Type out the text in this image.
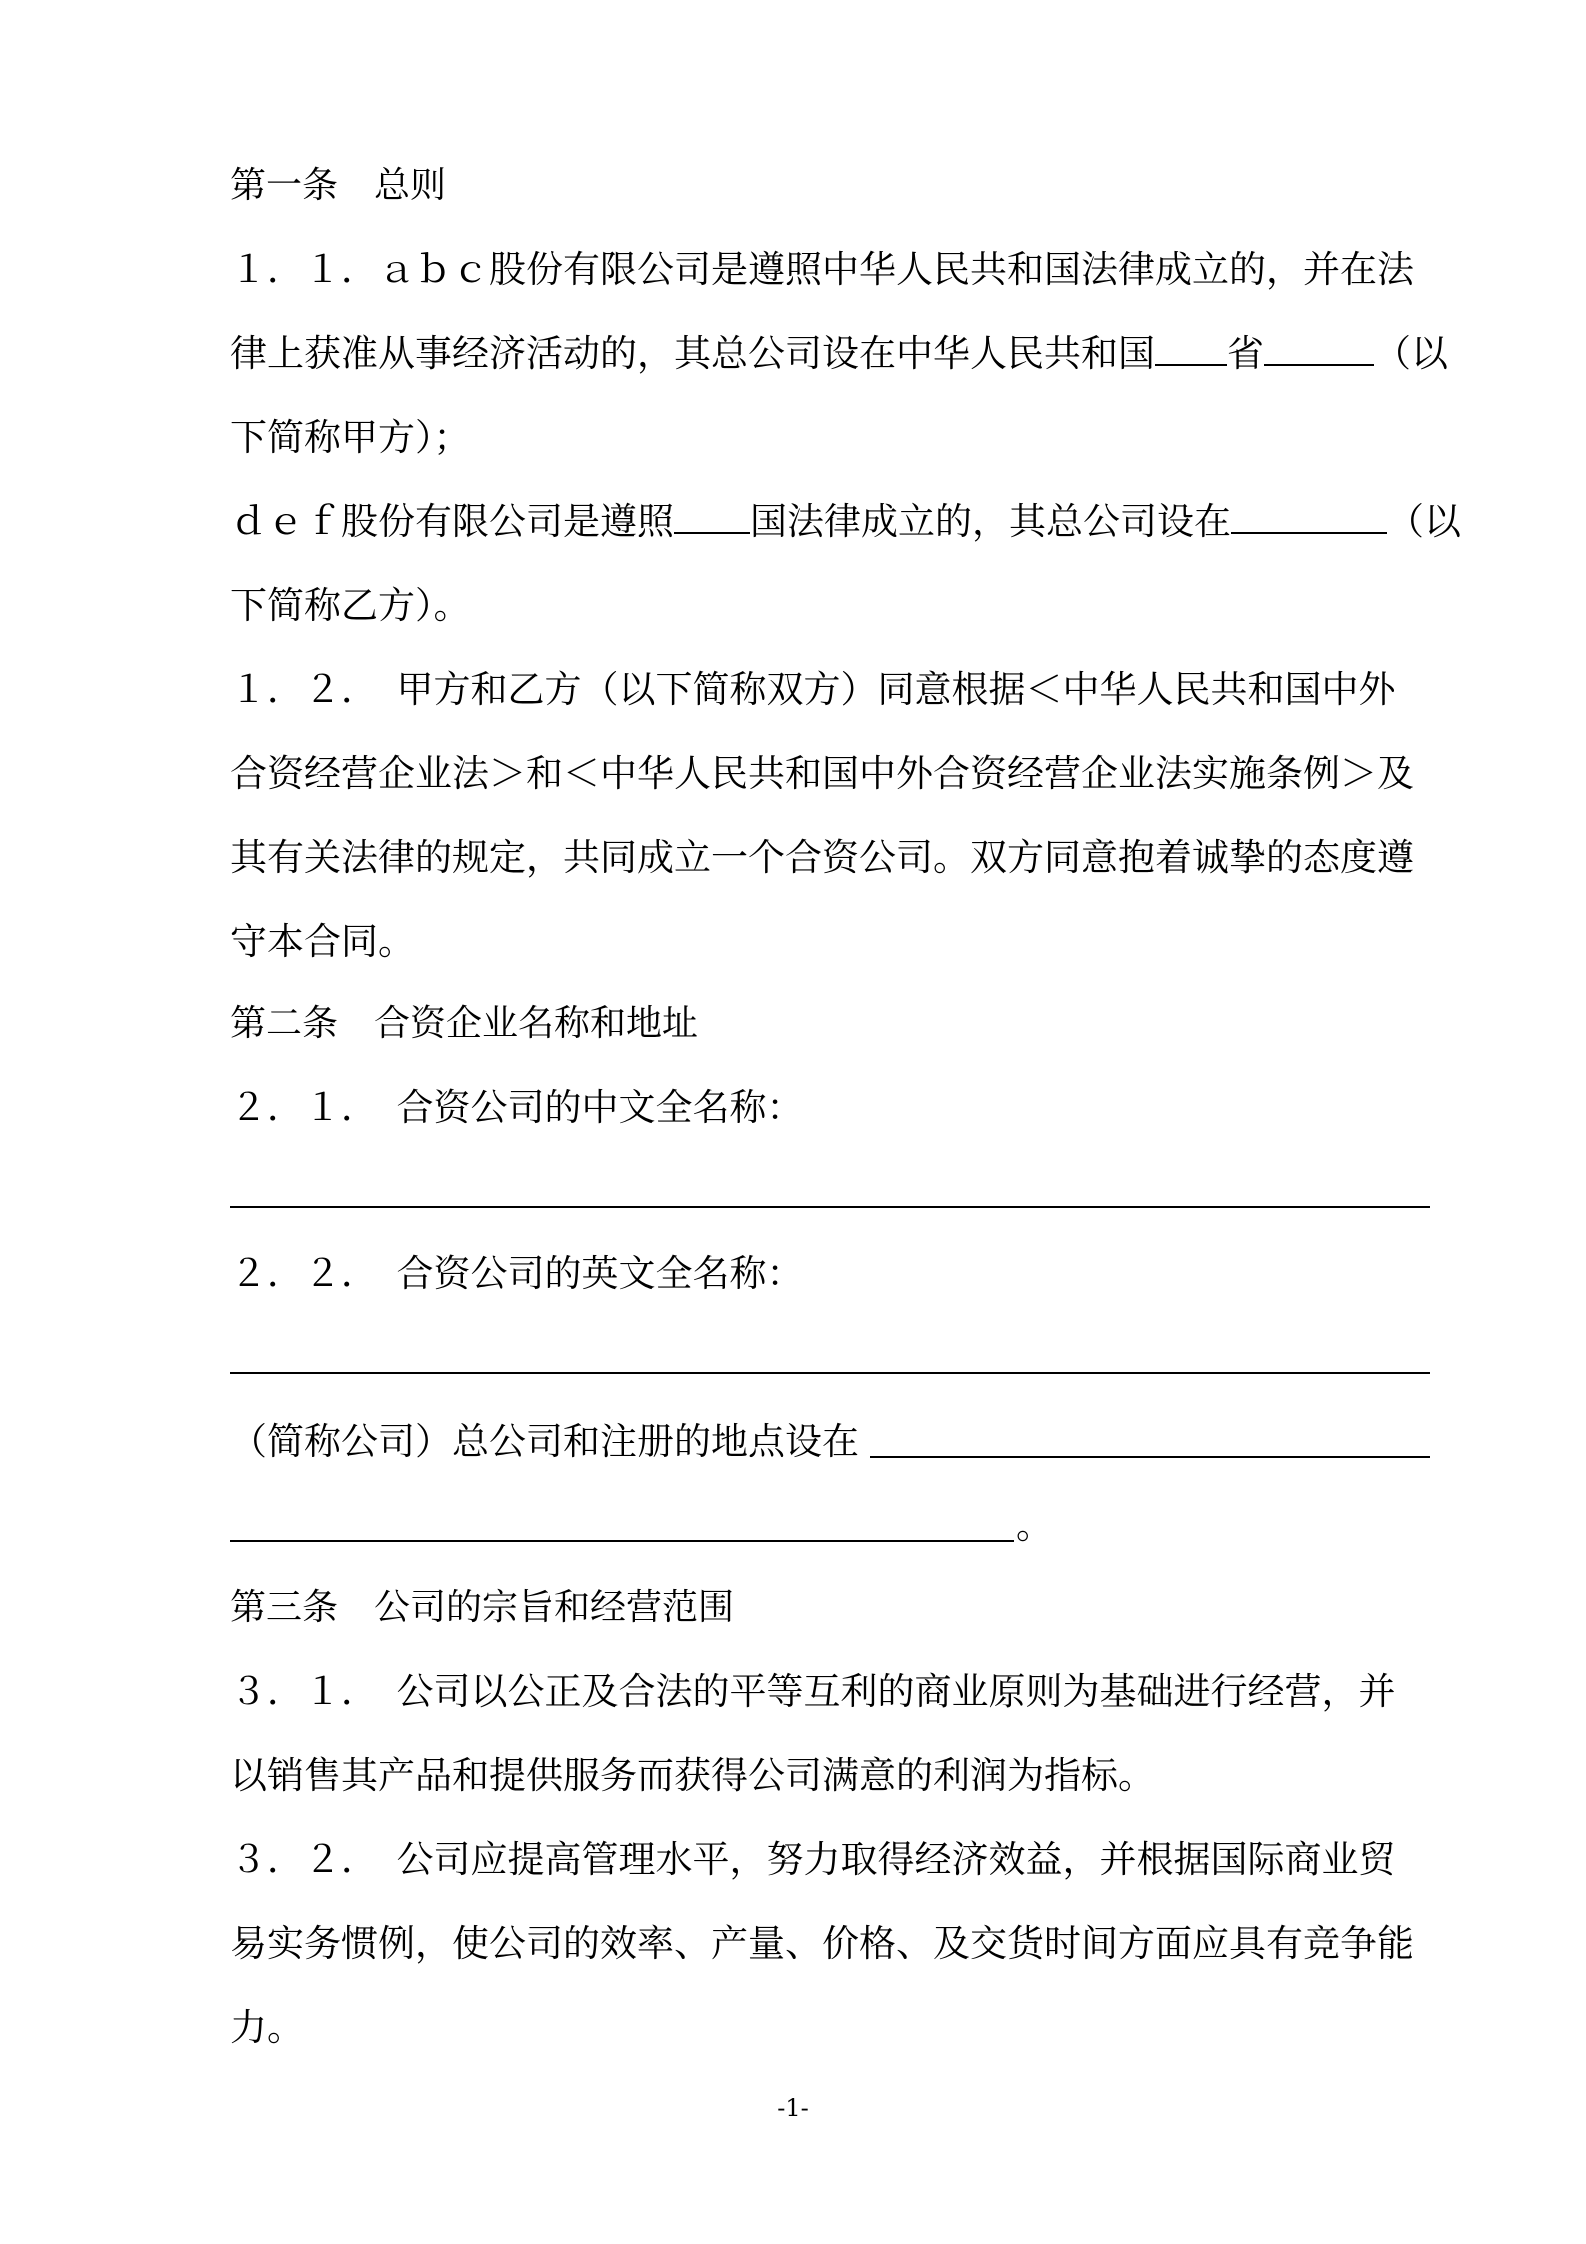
第一条　总则
１．１．ａｂｃ股份有限公司是遵照中华人民共和国法律成立的，并在法
律上获准从事经济活动的，其总公司设在中华人民共和国 省	（以
下简称甲方）；
ｄｅｆ股份有限公司是遵照 国法律成立的，其总公司设在	（以
下简称乙方）。
１．２．　甲方和乙方（以下简称双方）同意根据＜中华人民共和国中外
合资经营企业法＞和＜中华人民共和国中外合资经营企业法实施条例＞及
其有关法律的规定，共同成立一个合资公司。双方同意抱着诚挚的态度遵
守本合同。
第二条　合资企业名称和地址
２．１．　合资公司的中文全名称：
２．２．　合资公司的英文全名称：
（简称公司）总公司和注册的地点设在
。
第三条　公司的宗旨和经营范围
３．１．　公司以公正及合法的平等互利的商业原则为基础进行经营，并
以销售其产品和提供服务而获得公司满意的利润为指标。
３．２．　公司应提高管理水平，努力取得经济效益，并根据国际商业贸
易实务惯例，使公司的效率、产量、价格、及交货时间方面应具有竞争能
力。
-1-
